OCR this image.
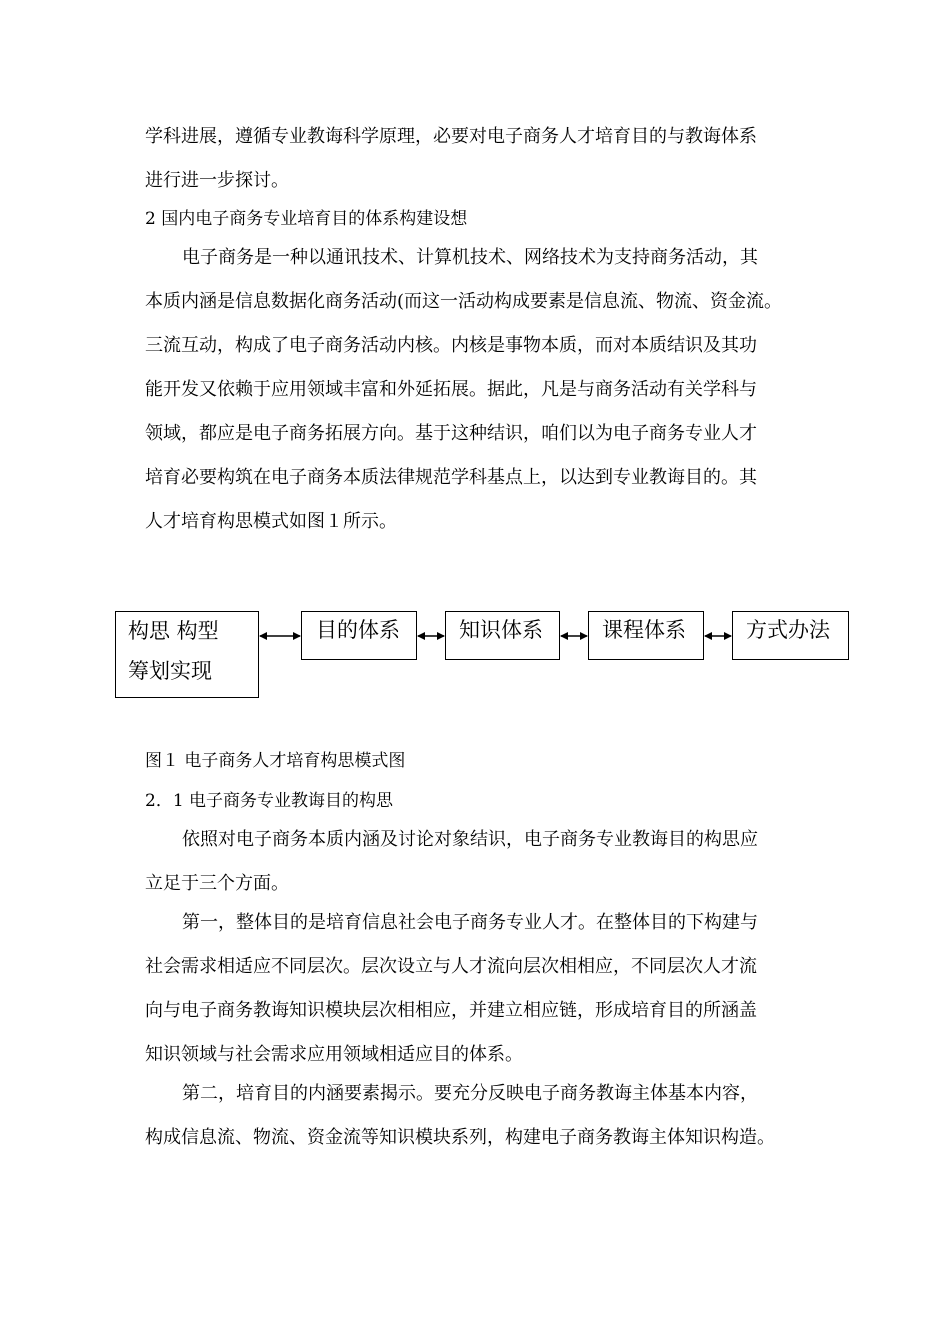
学科进展，遵循专业教诲科学原理，必要对电子商务人才培育目的与教诲体系
进行进一步探讨。
2 国内电子商务专业培育目的体系构建设想
电子商务是一种以通讯技术、计算机技术、网络技术为支持商务活动，其
本质内涵是信息数据化商务活动(而这一活动构成要素是信息流、物流、资金流。
三流互动，构成了电子商务活动内核。内核是事物本质，而对本质结识及其功
能开发又依赖于应用领域丰富和外延拓展。据此，凡是与商务活动有关学科与
领域，都应是电子商务拓展方向。基于这种结识，咱们以为电子商务专业人才
培育必要构筑在电子商务本质法律规范学科基点上，以达到专业教诲目的。其
人才培育构思模式如图１所示。
构思 构型
筹划实现
目的体系	知识体系	课程体系	方式办法
图１ 电子商务人才培育构思模式图
2．1 电子商务专业教诲目的构思
依照对电子商务本质内涵及讨论对象结识，电子商务专业教诲目的构思应
立足于三个方面。
第一，整体目的是培育信息社会电子商务专业人才。在整体目的下构建与
社会需求相适应不同层次。层次设立与人才流向层次相相应，不同层次人才流
向与电子商务教诲知识模块层次相相应，并建立相应链，形成培育目的所涵盖
知识领域与社会需求应用领域相适应目的体系。
第二，培育目的内涵要素揭示。要充分反映电子商务教诲主体基本内容，
构成信息流、物流、资金流等知识模块系列，构建电子商务教诲主体知识构造。
